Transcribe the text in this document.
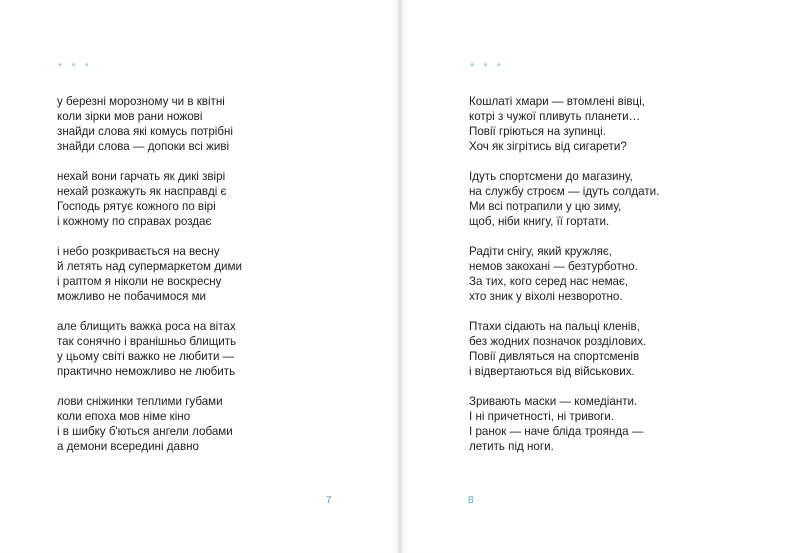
* * *
у березні морозному чи в квітні
коли зірки мов рани ножові
знайди слова які комусь потрібні
знайди слова — допоки всі живі
нехай вони гарчать як дикі звірі
нехай розкажуть як насправді є
Господь рятує кожного по вірі
і кожному по справах роздає
і небо розкривається на весну
й летять над супермаркетом дими
і раптом я ніколи не воскресну
можливо не побачимося ми
але блищить важка роса на вітах
так сонячно і вранішньо блищить
у цьому світі важко не любити —
практично неможливо не любить
лови сніжинки теплими губами
коли епоха мов німе кіно
і в шибку б'ються ангели лобами
а демони всередині давно
7
* * *
Кошлаті хмари — втомлені вівці,
котрі з чужої пливуть планети…
Повії гріються на зупинці.
Хоч як зігрітись від сигарети?
Ідуть спортсмени до магазину,
на службу строєм — ідуть солдати.
Ми всі потрапили у цю зиму,
щоб, ніби книгу, її гортати.
Радіти снігу, який кружляє,
немов закохані — безтурботно.
За тих, кого серед нас немає,
хто зник у віхолі незворотно.
Птахи сідають на пальці кленів,
без жодних позначок розділових.
Повії дивляться на спортсменів
і відвертаються від військових.
Зривають маски — комедіанти.
І ні причетності, ні тривоги.
І ранок — наче бліда троянда —
летить під ноги.
8
